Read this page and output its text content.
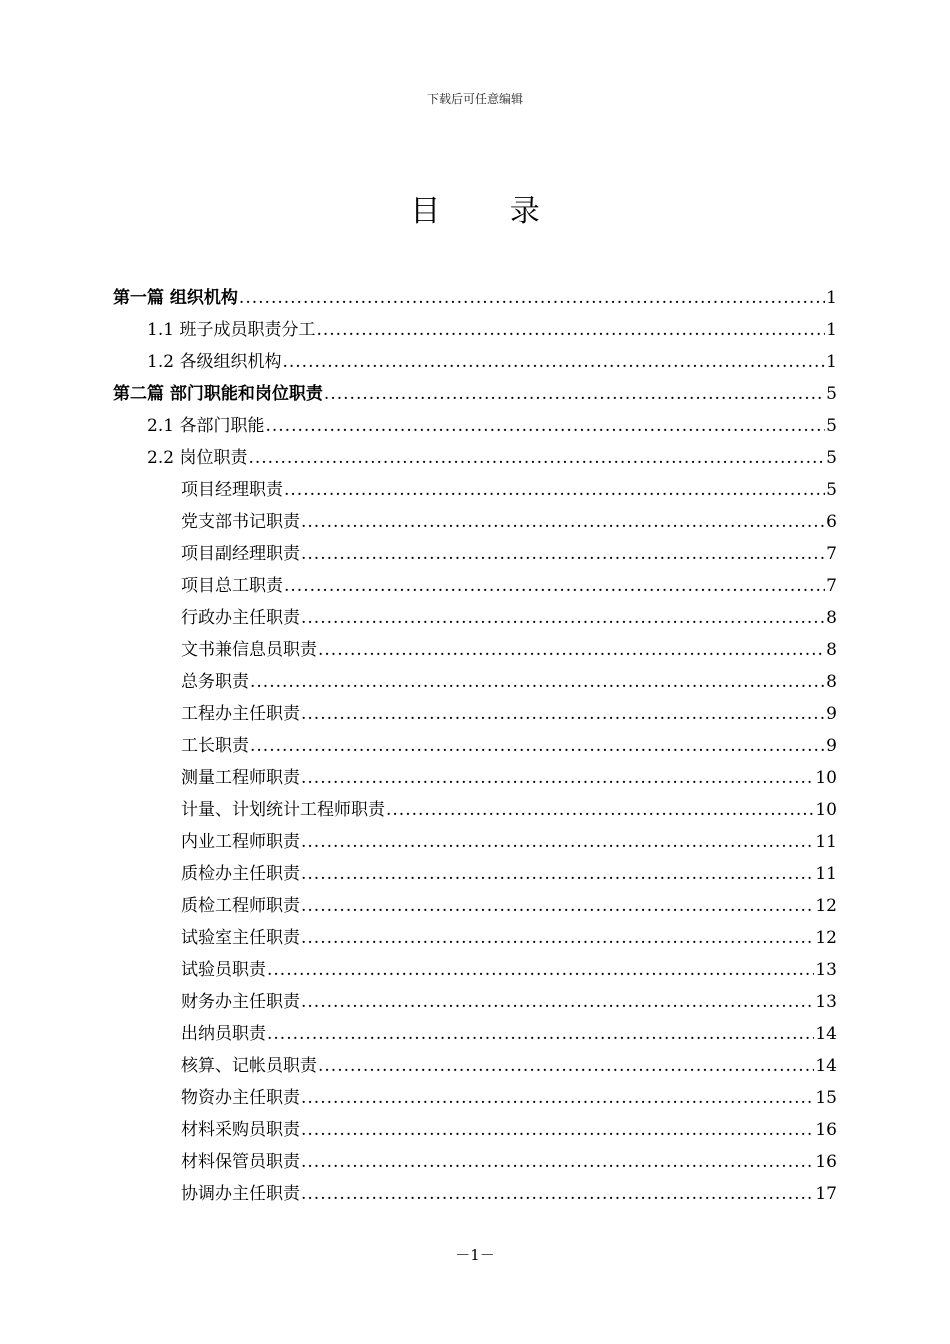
下载后可任意编辑
目 录
第一篇 组织机构 .....	1
1.1 班子成员职责分工 .....	1
1.2 各级组织机构 .....	1
第二篇 部门职能和岗位职责 .....	5
2.1 各部门职能 .....	5
2.2 岗位职责 .....	5
项目经理职责 .....	5
党支部书记职责 .....	6
项目副经理职责 .....	7
项目总工职责 .....	7
行政办主任职责 .....	8
文书兼信息员职责 .....	8
总务职责 .....	8
工程办主任职责 .....	9
工长职责 .....	9
测量工程师职责 .....	10
计量、计划统计工程师职责 .....	10
内业工程师职责 .....	11
质检办主任职责 .....	11
质检工程师职责 .....	12
试验室主任职责 .....	12
试验员职责 .....	13
财务办主任职责 .....	13
出纳员职责 .....	14
核算、记帐员职责 .....	14
物资办主任职责 .....	15
材料采购员职责 .....	16
材料保管员职责 .....	16
协调办主任职责 .....	17
－1－
